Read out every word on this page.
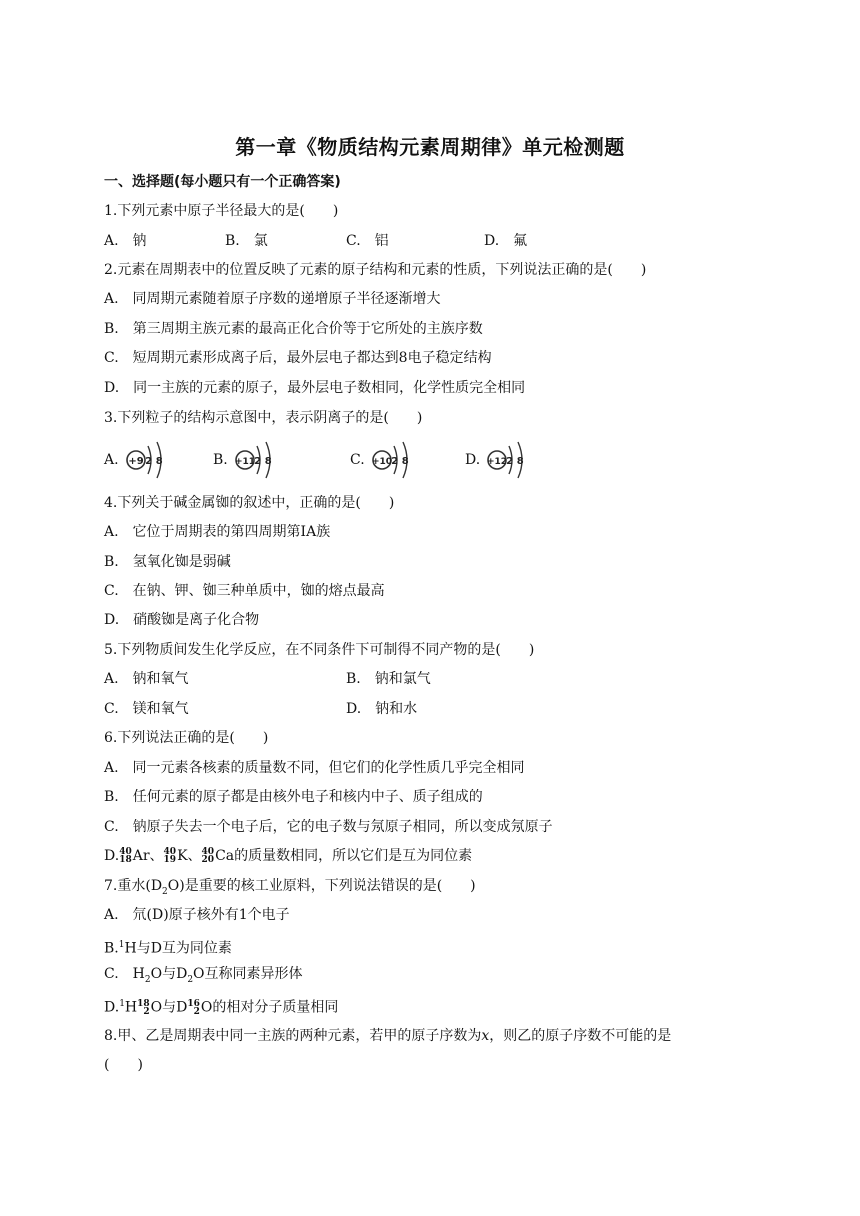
第一章《物质结构元素周期律》单元检测题
一、选择题(每小题只有一个正确答案)
1.下列元素中原子半径最大的是(　　)
A.　钠	B.　氯	C.　铝	D.　氟
2.元素在周期表中的位置反映了元素的原子结构和元素的性质，下列说法正确的是(　　)
A.　同周期元素随着原子序数的递增原子半径逐渐增大
B.　第三周期主族元素的最高正化合价等于它所处的主族序数
C.　短周期元素形成离子后，最外层电子都达到8电子稳定结构
D.　同一主族的元素的原子，最外层电子数相同，化学性质完全相同
3.下列粒子的结构示意图中，表示阴离子的是(　　)
A. +9 2 8	B. +11 2 8	C. +10 2 8	D. +12 2 8
4.下列关于碱金属铷的叙述中，正确的是(　　)
A.　它位于周期表的第四周期第ⅠA族
B.　氢氧化铷是弱碱
C.　在钠、钾、铷三种单质中，铷的熔点最高
D.　硝酸铷是离子化合物
5.下列物质间发生化学反应，在不同条件下可制得不同产物的是(　　)
A.　钠和氧气	B.　钠和氯气
C.　镁和氧气	D.　钠和水
6.下列说法正确的是(　　)
A.　同一元素各核素的质量数不同，但它们的化学性质几乎完全相同
B.　任何元素的原子都是由核外电子和核内中子、质子组成的
C.　钠原子失去一个电子后，它的电子数与氖原子相同，所以变成氖原子
D. 40
18 Ar、 40
19 K、 40
20 Ca的质量数相同，所以它们是互为同位素
7.重水$(D_2O)$是重要的核工业原料，下列说法错误的是(　　)
A.　氘(D)原子核外有1个电子
B.$^1$H与D互为同位素
C.　$H_2O$与$D_2O$互称同素异形体
D.$^1$H 18
2 O与D 16
2 O的相对分子质量相同
8.甲、乙是周期表中同一主族的两种元素，若甲的原子序数为x，则乙的原子序数不可能的是
(　　)
